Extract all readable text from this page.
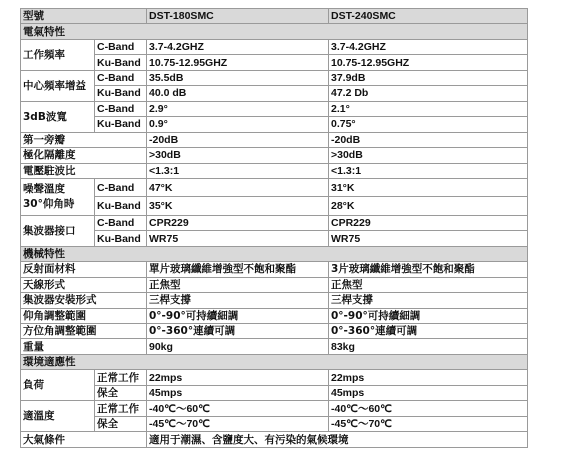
型號		DST-180SMC	DST-240SMC
電氣特性			
工作頻率	C-Band	3.7-4.2GHZ	3.7-4.2GHZ
	Ku-Band	10.75-12.95GHZ	10.75-12.95GHZ
中心頻率增益	C-Band	35.5dB	37.9dB
	Ku-Band	40.0 dB	47.2 Db
3dB波寬	C-Band	2.9°	2.1°
	Ku-Band	0.9°	0.75°
第一旁瓣		-20dB	-20dB
極化隔離度		>30dB	>30dB
電壓駐波比		<1.3:1	<1.3:1
噪聲溫度
30°仰角時	C-Band	47°K	31°K
	Ku-Band	35°K	28°K
集波器接口	C-Band	CPR229	CPR229
	Ku-Band	WR75	WR75
機械特性			
反射面材料		單片玻璃纖維增強型不飽和聚酯	3片玻璃纖維增強型不飽和聚酯
天線形式		正焦型	正焦型
集波器安裝形式		三桿支撐	三桿支撐
仰角調整範圍		0°-90°可持續細調	0°-90°可持續細調
方位角調整範圍		0°-360°連續可調	0°-360°連續可調
重量		90kg	83kg
環境適應性			
負荷	正常工作	22mps	22mps
	保全	45mps	45mps
適溫度	正常工作	-40℃～60℃	-40℃～60℃
	保全	-45℃～70℃	-45℃～70℃
大氣條件		適用于潮濕、含鹽度大、有污染的氣候環境	
